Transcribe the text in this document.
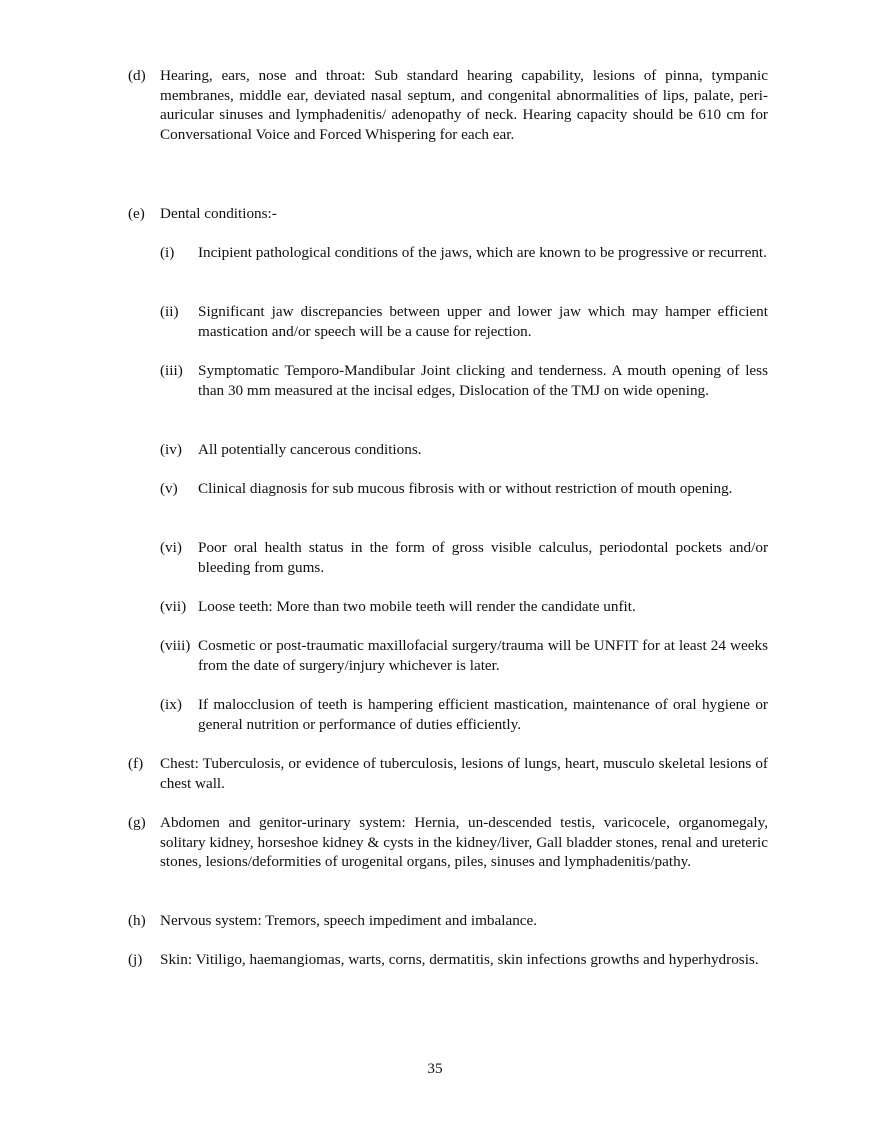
(d) Hearing, ears, nose and throat: Sub standard hearing capability, lesions of pinna, tympanic membranes, middle ear, deviated nasal septum, and congenital abnormalities of lips, palate, peri-auricular sinuses and lymphadenitis/ adenopathy of neck. Hearing capacity should be 610 cm for Conversational Voice and Forced Whispering for each ear.
(e) Dental conditions:-
(i)	Incipient pathological conditions of the jaws, which are known to be progressive or recurrent.
(ii)	Significant jaw discrepancies between upper and lower jaw which may hamper efficient mastication and/or speech will be a cause for rejection.
(iii)	Symptomatic Temporo-Mandibular Joint clicking and tenderness. A mouth opening of less than 30 mm measured at the incisal edges, Dislocation of the TMJ on wide opening.
(iv)	All potentially cancerous conditions.
(v)	Clinical diagnosis for sub mucous fibrosis with or without restriction of mouth opening.
(vi)	Poor oral health status in the form of gross visible calculus, periodontal pockets and/or bleeding from gums.
(vii) Loose teeth: More than two mobile teeth will render the candidate unfit.
(viii) Cosmetic or post-traumatic maxillofacial surgery/trauma will be UNFIT for at least 24 weeks from the date of surgery/injury whichever is later.
(ix)	If malocclusion of teeth is hampering efficient mastication, maintenance of oral hygiene or general nutrition or performance of duties efficiently.
(f)	Chest: Tuberculosis, or evidence of tuberculosis, lesions of lungs, heart, musculo skeletal lesions of chest wall.
(g) Abdomen and genitor-urinary system: Hernia, un-descended testis, varicocele, organomegaly, solitary kidney, horseshoe kidney & cysts in the kidney/liver, Gall bladder stones, renal and ureteric stones, lesions/deformities of urogenital organs, piles, sinuses and lymphadenitis/pathy.
(h) Nervous system: Tremors, speech impediment and imbalance.
(j)	Skin: Vitiligo, haemangiomas, warts, corns, dermatitis, skin infections growths and hyperhydrosis.
35
